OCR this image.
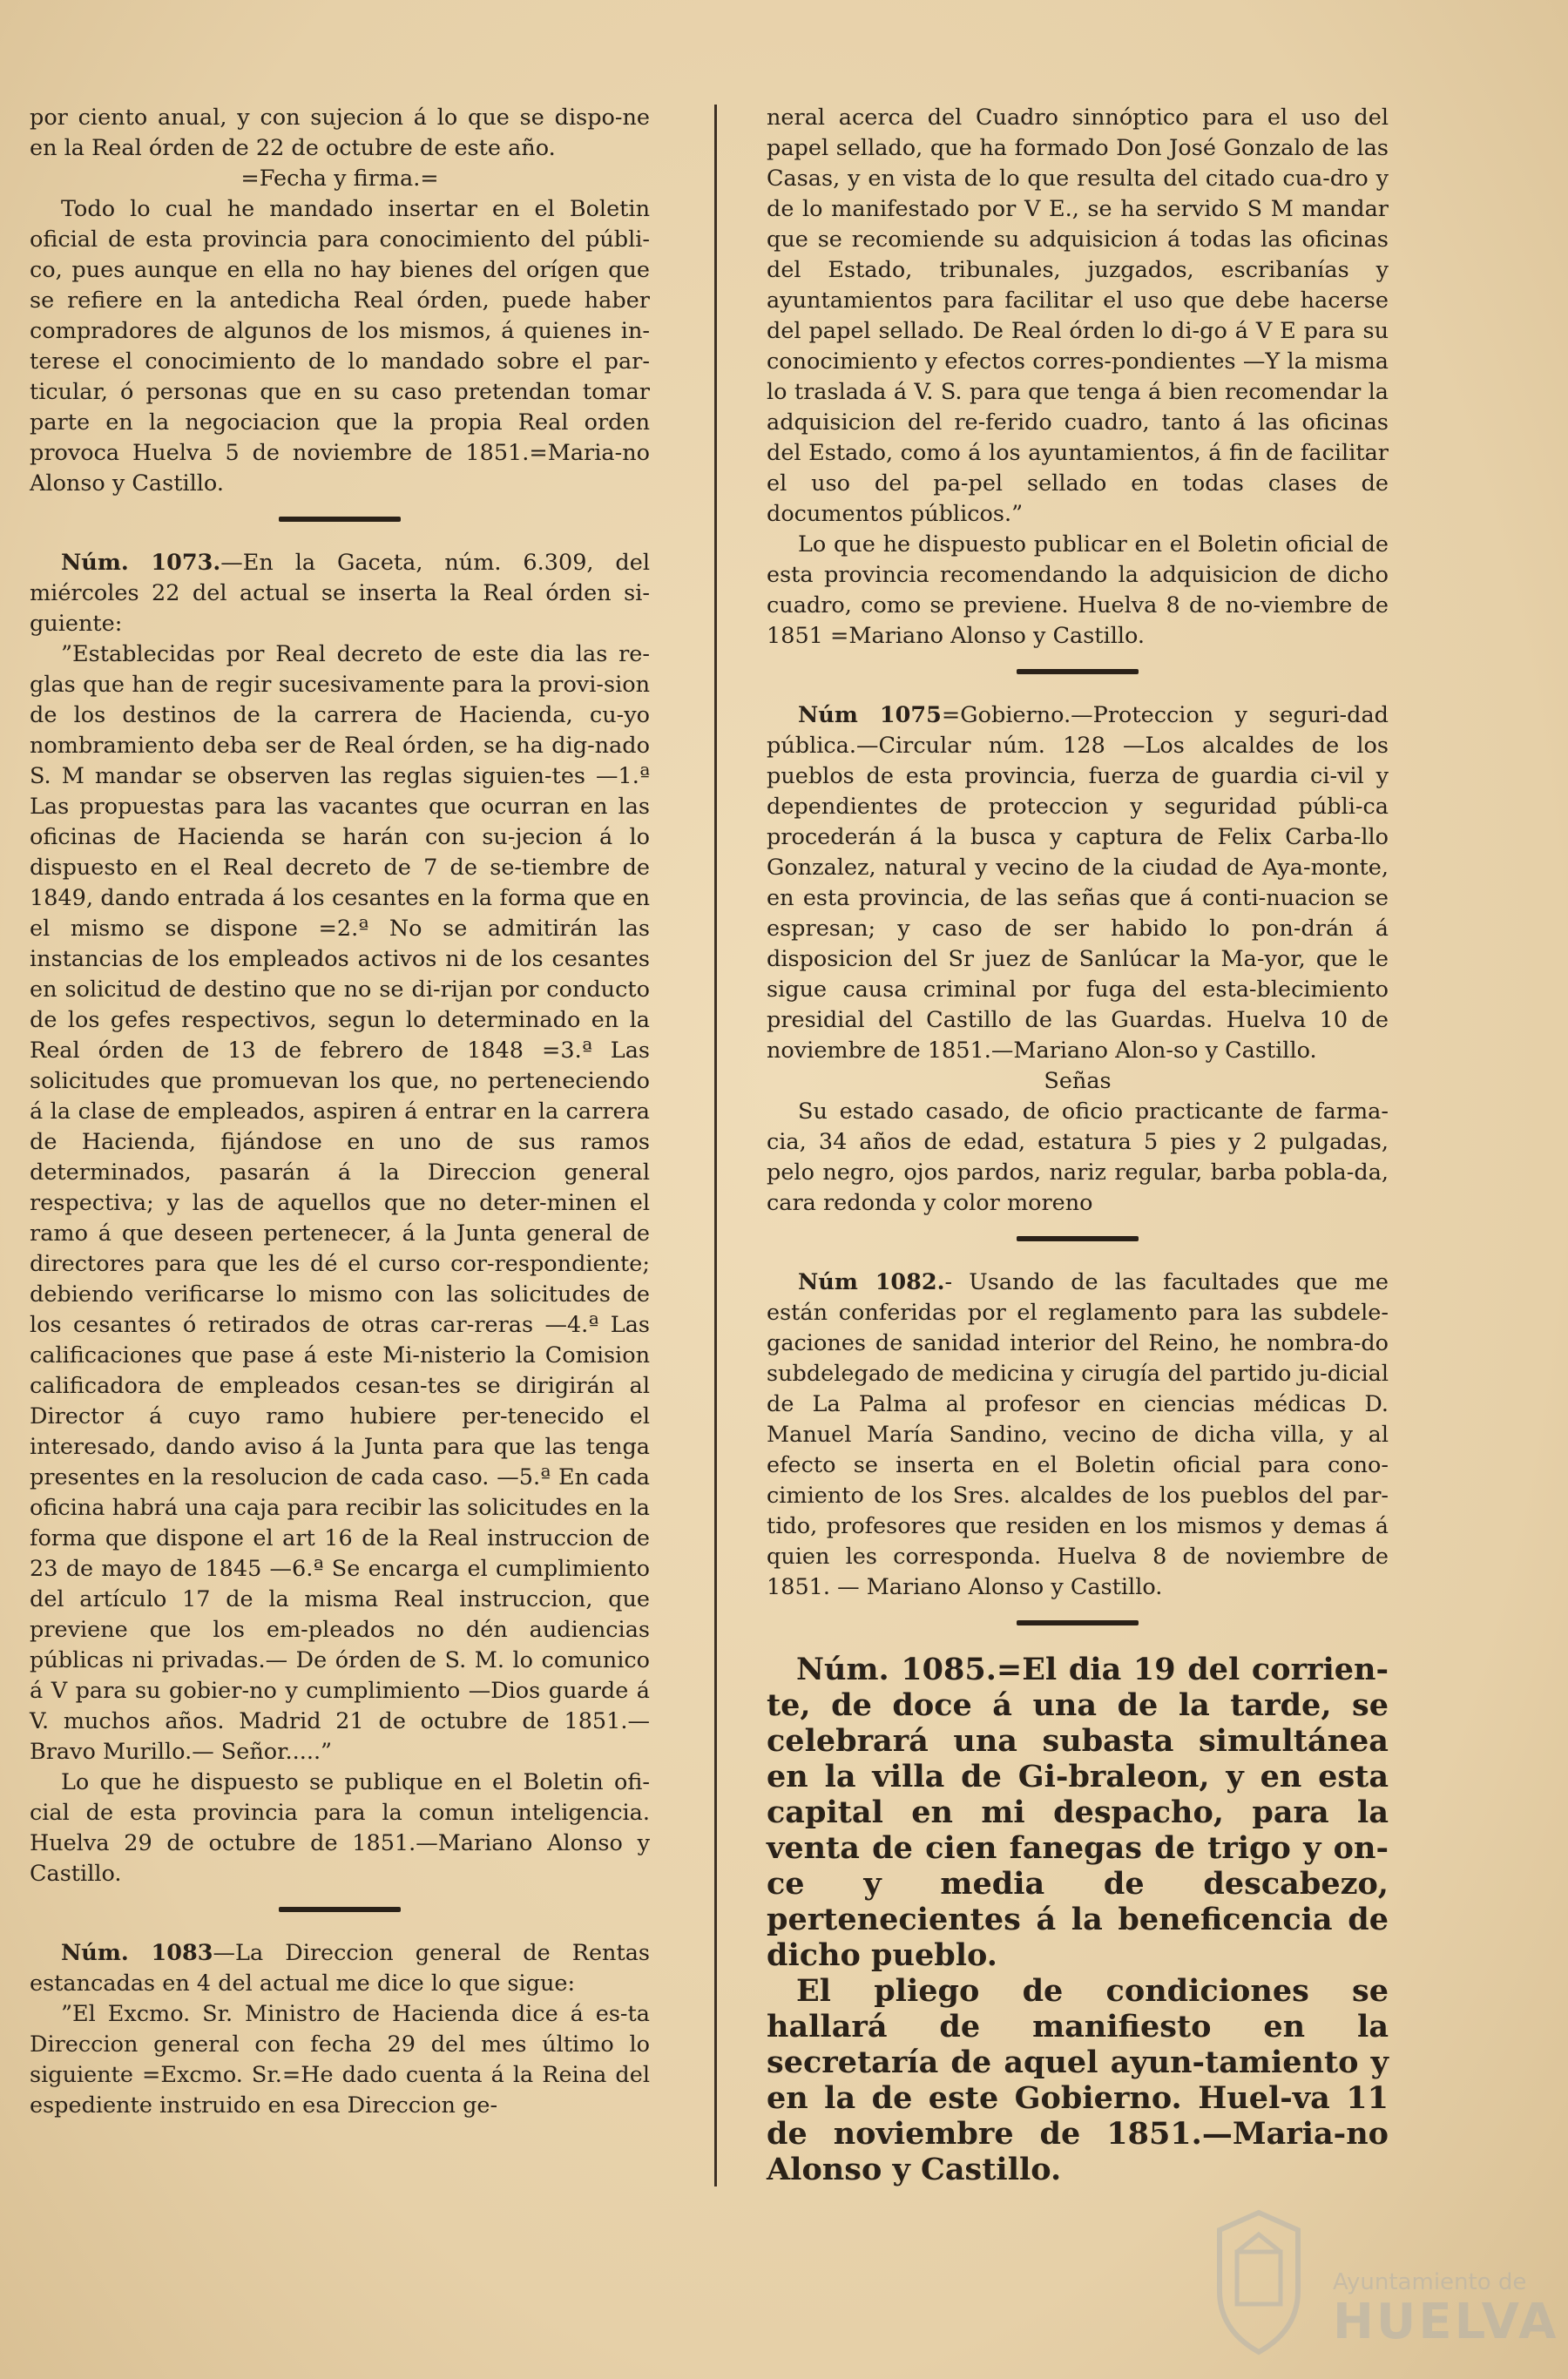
por ciento anual, y con sujecion á lo que se dispo-ne en la Real órden de 22 de octubre de este año.

=Fecha y firma.=

Todo lo cual he mandado insertar en el Boletin oficial de esta provincia para conocimiento del públi-co, pues aunque en ella no hay bienes del orígen que se refiere en la antedicha Real órden, puede haber compradores de algunos de los mismos, á quienes in-terese el conocimiento de lo mandado sobre el par-ticular, ó personas que en su caso pretendan tomar parte en la negociacion que la propia Real orden provoca Huelva 5 de noviembre de 1851.=Maria-no Alonso y Castillo.

Núm. 1073.—En la Gaceta, núm. 6.309, del miércoles 22 del actual se inserta la Real órden si-guiente:

”Establecidas por Real decreto de este dia las re-glas que han de regir sucesivamente para la provi-sion de los destinos de la carrera de Hacienda, cu-yo nombramiento deba ser de Real órden, se ha dig-nado S. M mandar se observen las reglas siguien-tes —1.ª Las propuestas para las vacantes que ocurran en las oficinas de Hacienda se harán con su-jecion á lo dispuesto en el Real decreto de 7 de se-tiembre de 1849, dando entrada á los cesantes en la forma que en el mismo se dispone =2.ª No se admitirán las instancias de los empleados activos ni de los cesantes en solicitud de destino que no se di-rijan por conducto de los gefes respectivos, segun lo determinado en la Real órden de 13 de febrero de 1848 =3.ª Las solicitudes que promuevan los que, no perteneciendo á la clase de empleados, aspiren á entrar en la carrera de Hacienda, fijándose en uno de sus ramos determinados, pasarán á la Direccion general respectiva; y las de aquellos que no deter-minen el ramo á que deseen pertenecer, á la Junta general de directores para que les dé el curso cor-respondiente; debiendo verificarse lo mismo con las solicitudes de los cesantes ó retirados de otras car-reras —4.ª Las calificaciones que pase á este Mi-nisterio la Comision calificadora de empleados cesan-tes se dirigirán al Director á cuyo ramo hubiere per-tenecido el interesado, dando aviso á la Junta para que las tenga presentes en la resolucion de cada caso. —5.ª En cada oficina habrá una caja para recibir las solicitudes en la forma que dispone el art 16 de la Real instruccion de 23 de mayo de 1845 —6.ª Se encarga el cumplimiento del artículo 17 de la misma Real instruccion, que previene que los em-pleados no dén audiencias públicas ni privadas.— De órden de S. M. lo comunico á V para su gobier-no y cumplimiento —Dios guarde á V. muchos años. Madrid 21 de octubre de 1851.—Bravo Murillo.— Señor.....”

Lo que he dispuesto se publique en el Boletin ofi-cial de esta provincia para la comun inteligencia. Huelva 29 de octubre de 1851.—Mariano Alonso y Castillo.

Núm. 1083—La Direccion general de Rentas estancadas en 4 del actual me dice lo que sigue:

”El Excmo. Sr. Ministro de Hacienda dice á es-ta Direccion general con fecha 29 del mes último lo siguiente =Excmo. Sr.=He dado cuenta á la Reina del espediente instruido en esa Direccion ge-

neral acerca del Cuadro sinnóptico para el uso del papel sellado, que ha formado Don José Gonzalo de las Casas, y en vista de lo que resulta del citado cua-dro y de lo manifestado por V E., se ha servido S M mandar que se recomiende su adquisicion á todas las oficinas del Estado, tribunales, juzgados, escribanías y ayuntamientos para facilitar el uso que debe hacerse del papel sellado. De Real órden lo di-go á V E para su conocimiento y efectos corres-pondientes —Y la misma lo traslada á V. S. para que tenga á bien recomendar la adquisicion del re-ferido cuadro, tanto á las oficinas del Estado, como á los ayuntamientos, á fin de facilitar el uso del pa-pel sellado en todas clases de documentos públicos.”

Lo que he dispuesto publicar en el Boletin oficial de esta provincia recomendando la adquisicion de dicho cuadro, como se previene. Huelva 8 de no-viembre de 1851 =Mariano Alonso y Castillo.

Núm 1075=Gobierno.—Proteccion y seguri-dad pública.—Circular núm. 128 —Los alcaldes de los pueblos de esta provincia, fuerza de guardia ci-vil y dependientes de proteccion y seguridad públi-ca procederán á la busca y captura de Felix Carba-llo Gonzalez, natural y vecino de la ciudad de Aya-monte, en esta provincia, de las señas que á conti-nuacion se espresan; y caso de ser habido lo pon-drán á disposicion del Sr juez de Sanlúcar la Ma-yor, que le sigue causa criminal por fuga del esta-blecimiento presidial del Castillo de las Guardas. Huelva 10 de noviembre de 1851.—Mariano Alon-so y Castillo.

Señas

Su estado casado, de oficio practicante de farma-cia, 34 años de edad, estatura 5 pies y 2 pulgadas, pelo negro, ojos pardos, nariz regular, barba pobla-da, cara redonda y color moreno

Núm 1082.- Usando de las facultades que me están conferidas por el reglamento para las subdele-gaciones de sanidad interior del Reino, he nombra-do subdelegado de medicina y cirugía del partido ju-dicial de La Palma al profesor en ciencias médicas D. Manuel María Sandino, vecino de dicha villa, y al efecto se inserta en el Boletin oficial para cono-cimiento de los Sres. alcaldes de los pueblos del par-tido, profesores que residen en los mismos y demas á quien les corresponda. Huelva 8 de noviembre de 1851. — Mariano Alonso y Castillo.

Núm. 1085.=El dia 19 del corrien-te, de doce á una de la tarde, se celebrará una subasta simultánea en la villa de Gi-braleon, y en esta capital en mi despacho, para la venta de cien fanegas de trigo y on-ce y media de descabezo, pertenecientes á la beneficencia de dicho pueblo.

El pliego de condiciones se hallará de manifiesto en la secretaría de aquel ayun-tamiento y en la de este Gobierno. Huel-va 11 de noviembre de 1851.—Maria-no Alonso y Castillo.

Ayuntamiento de
HUELVA
